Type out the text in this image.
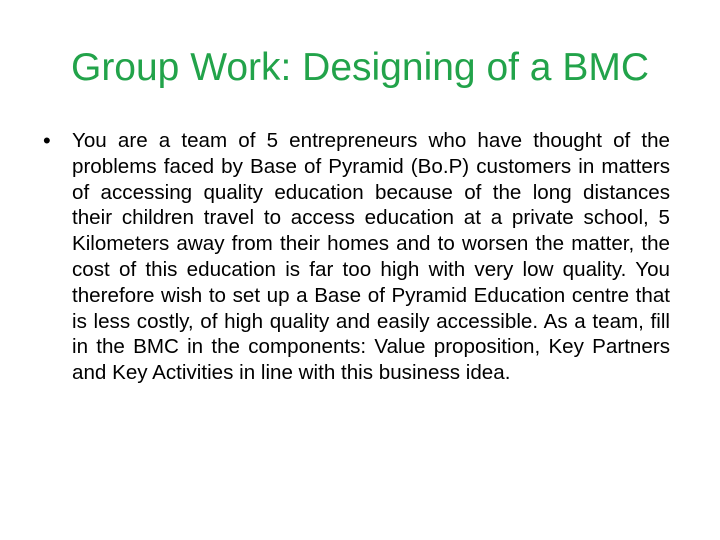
Group Work: Designing of a BMC
• You are a team of 5 entrepreneurs who have thought of the problems faced by Base of Pyramid (Bo.P) customers in matters of accessing quality education because of the long distances their children travel to access education at a private school, 5 Kilometers away from their homes and to worsen the matter, the cost of this education is far too high with very low quality. You therefore wish to set up a Base of Pyramid Education centre that is less costly, of high quality and easily accessible. As a team, fill in the BMC in the components: Value proposition, Key Partners and Key Activities in line with this business idea.
